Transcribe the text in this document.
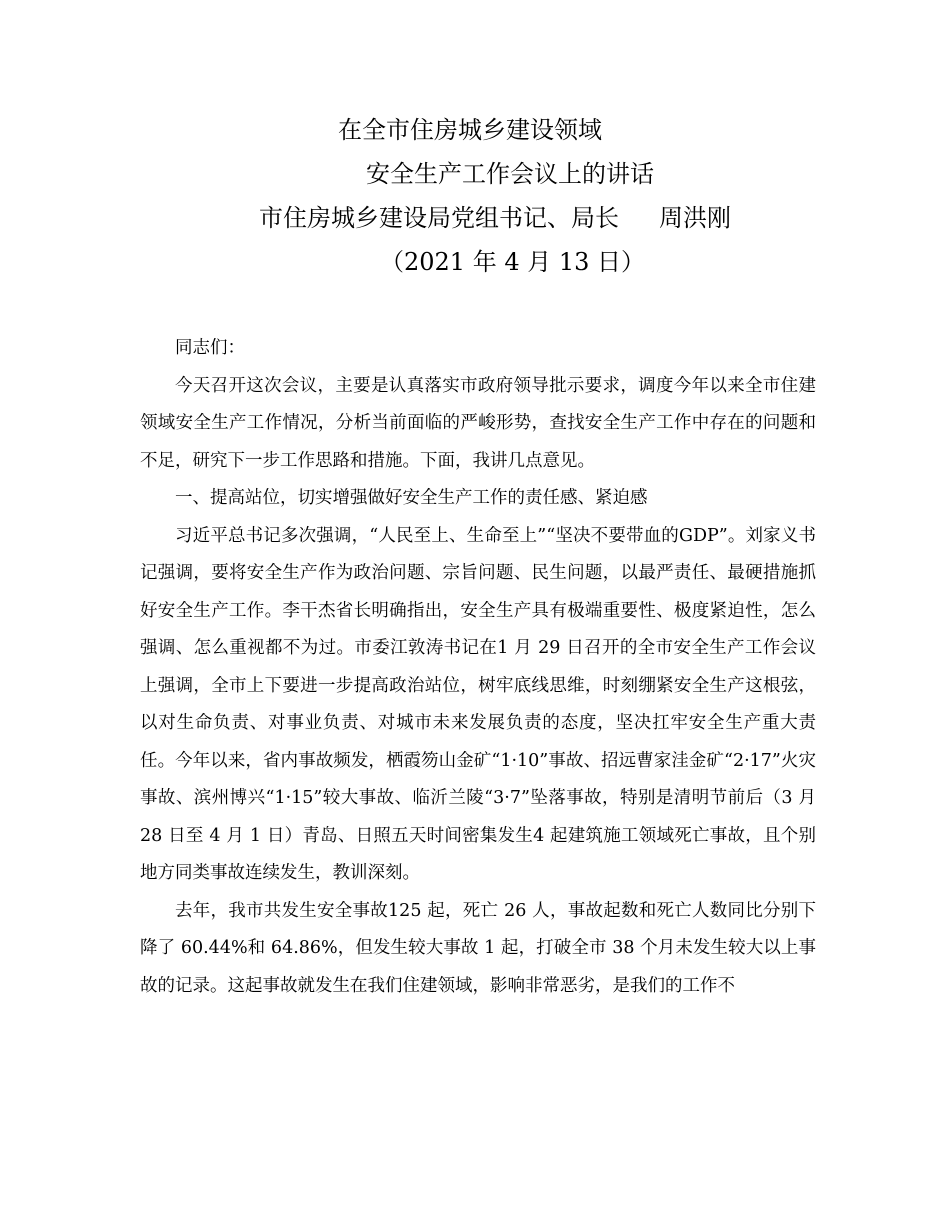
在全市住房城乡建设领域
安全生产工作会议上的讲话
市住房城乡建设局党组书记、局长 周洪刚
（2021 年 4 月 13 日）

同志们：

今天召开这次会议，主要是认真落实市政府领导批示要求，调度今年以来全市住建领域安全生产工作情况，分析当前面临的严峻形势，查找安全生产工作中存在的问题和不足，研究下一步工作思路和措施。下面，我讲几点意见。

一、提高站位，切实增强做好安全生产工作的责任感、紧迫感

习近平总书记多次强调，“人民至上、生命至上”“坚决不要带血的GDP”。刘家义书记强调，要将安全生产作为政治问题、宗旨问题、民生问题，以最严责任、最硬措施抓好安全生产工作。李干杰省长明确指出，安全生产具有极端重要性、极度紧迫性，怎么强调、怎么重视都不为过。市委江敦涛书记在1 月 29 日召开的全市安全生产工作会议上强调，全市上下要进一步提高政治站位，树牢底线思维，时刻绷紧安全生产这根弦，以对生命负责、对事业负责、对城市未来发展负责的态度，坚决扛牢安全生产重大责任。今年以来，省内事故频发，栖霞笏山金矿“1·10”事故、招远曹家洼金矿“2·17”火灾事故、滨州博兴“1·15”较大事故、临沂兰陵“3·7”坠落事故，特别是清明节前后（3 月 28 日至 4 月 1 日）青岛、日照五天时间密集发生4 起建筑施工领域死亡事故，且个别地方同类事故连续发生，教训深刻。

去年，我市共发生安全事故125 起，死亡 26 人，事故起数和死亡人数同比分别下降了 60.44%和 64.86%，但发生较大事故 1 起，打破全市 38 个月未发生较大以上事故的记录。这起事故就发生在我们住建领域，影响非常恶劣，是我们的工作不
